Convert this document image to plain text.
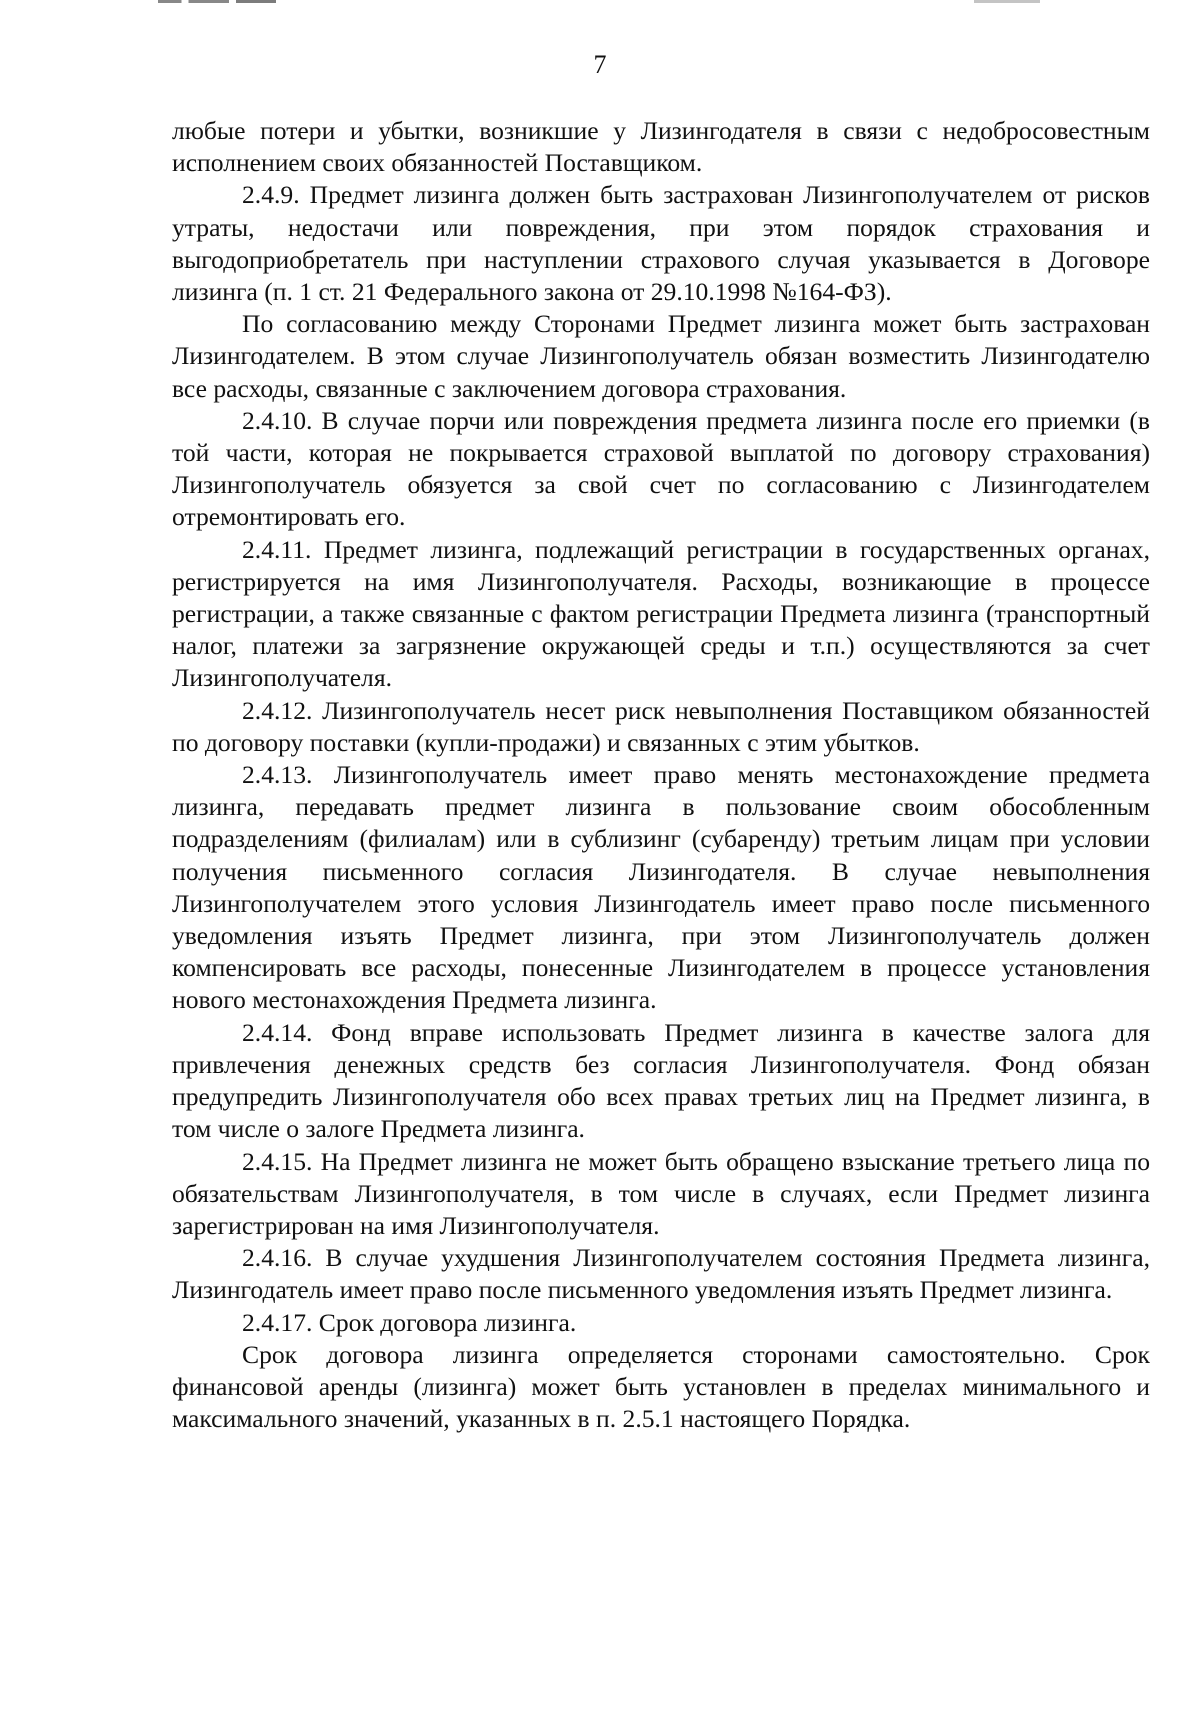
7

любые потери и убытки, возникшие у Лизингодателя в связи с недобросовестным исполнением своих обязанностей Поставщиком.

2.4.9. Предмет лизинга должен быть застрахован Лизингополучателем от рисков утраты, недостачи или повреждения, при этом порядок страхования и выгодоприобретатель при наступлении страхового случая указывается в Договоре лизинга (п. 1 ст. 21 Федерального закона от 29.10.1998 №164-ФЗ).

По согласованию между Сторонами Предмет лизинга может быть застрахован Лизингодателем. В этом случае Лизингополучатель обязан возместить Лизингодателю все расходы, связанные с заключением договора страхования.

2.4.10. В случае порчи или повреждения предмета лизинга после его приемки (в той части, которая не покрывается страховой выплатой по договору страхования) Лизингополучатель обязуется за свой счет по согласованию с Лизингодателем отремонтировать его.

2.4.11. Предмет лизинга, подлежащий регистрации в государственных органах, регистрируется на имя Лизингополучателя. Расходы, возникающие в процессе регистрации, а также связанные с фактом регистрации Предмета лизинга (транспортный налог, платежи за загрязнение окружающей среды и т.п.) осуществляются за счет Лизингополучателя.

2.4.12. Лизингополучатель несет риск невыполнения Поставщиком обязанностей по договору поставки (купли-продажи) и связанных с этим убытков.

2.4.13. Лизингополучатель имеет право менять местонахождение предмета лизинга, передавать предмет лизинга в пользование своим обособленным подразделениям (филиалам) или в сублизинг (субаренду) третьим лицам при условии получения письменного согласия Лизингодателя. В случае невыполнения Лизингополучателем этого условия Лизингодатель имеет право после письменного уведомления изъять Предмет лизинга, при этом Лизингополучатель должен компенсировать все расходы, понесенные Лизингодателем в процессе установления нового местонахождения Предмета лизинга.

2.4.14. Фонд вправе использовать Предмет лизинга в качестве залога для привлечения денежных средств без согласия Лизингополучателя. Фонд обязан предупредить Лизингополучателя обо всех правах третьих лиц на Предмет лизинга, в том числе о залоге Предмета лизинга.

2.4.15. На Предмет лизинга не может быть обращено взыскание третьего лица по обязательствам Лизингополучателя, в том числе в случаях, если Предмет лизинга зарегистрирован на имя Лизингополучателя.

2.4.16. В случае ухудшения Лизингополучателем состояния Предмета лизинга, Лизингодатель имеет право после письменного уведомления изъять Предмет лизинга.

2.4.17. Срок договора лизинга.

Срок договора лизинга определяется сторонами самостоятельно. Срок финансовой аренды (лизинга) может быть установлен в пределах минимального и максимального значений, указанных в п. 2.5.1 настоящего Порядка.
